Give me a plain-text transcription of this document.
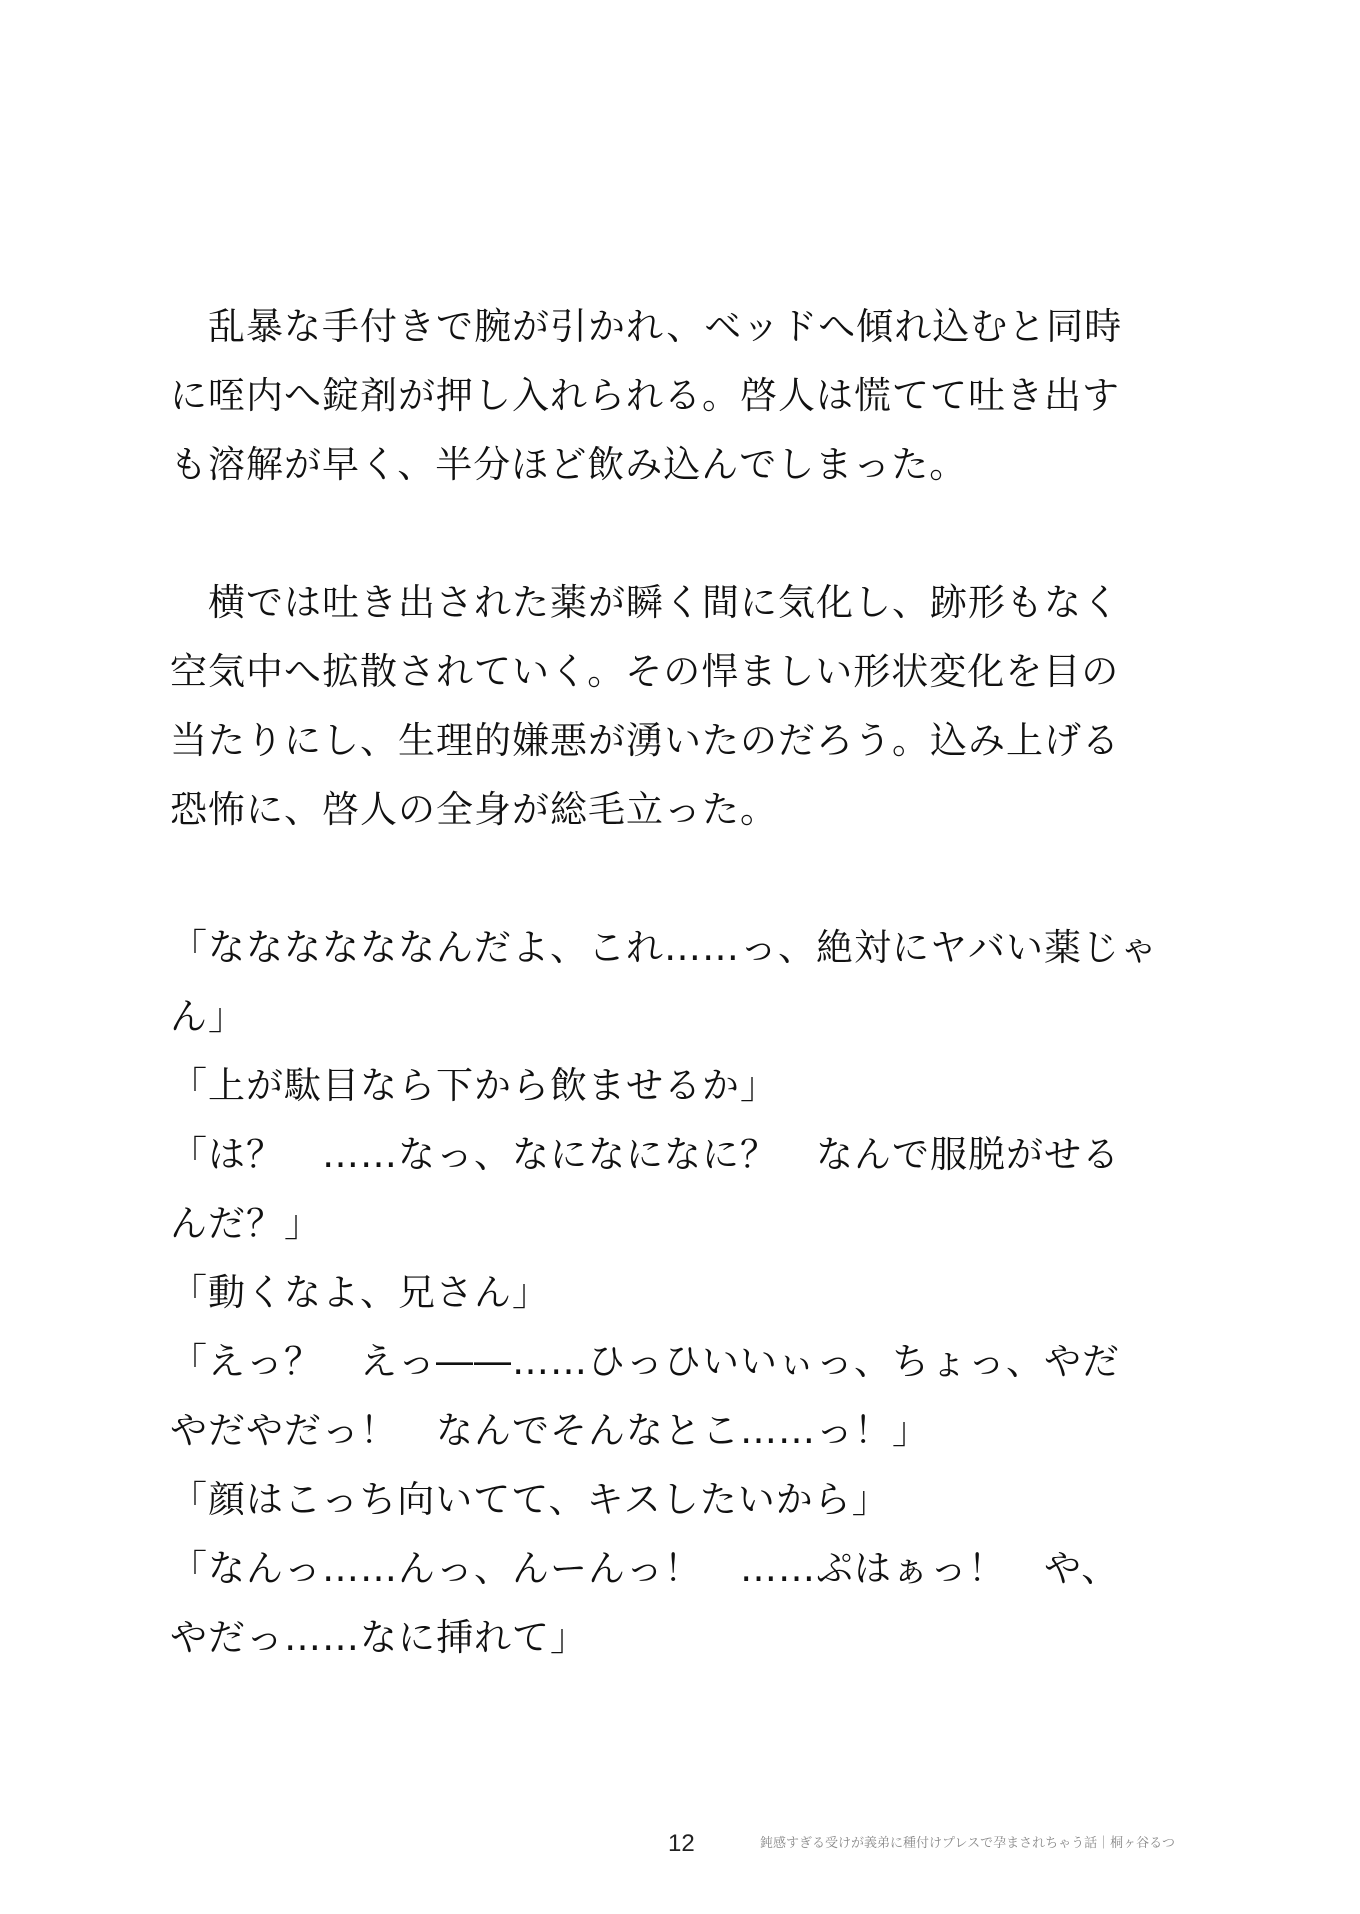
　乱暴な手付きで腕が引かれ、ベッドへ傾れ込むと同時
に咥内へ錠剤が押し入れられる。啓人は慌てて吐き出す
も溶解が早く、半分ほど飲み込んでしまった。
　横では吐き出された薬が瞬く間に気化し、跡形もなく
空気中へ拡散されていく。その悍ましい形状変化を目の
当たりにし、生理的嫌悪が湧いたのだろう。込み上げる
恐怖に、啓人の全身が総毛立った。
「ななななななんだよ、これ……っ、絶対にヤバい薬じゃ
ん」
「上が駄目なら下から飲ませるか」
「は？　……なっ、なになになに？　なんで服脱がせる
んだ？」
「動くなよ、兄さん」
「えっ？　えっ――……ひっひいいぃっ、ちょっ、やだ
やだやだっ！　なんでそんなとこ……っ！」
「顔はこっち向いてて、キスしたいから」
「なんっ……んっ、んーんっ！　……ぷはぁっ！　や、
やだっ……なに挿れて」
12	鈍感すぎる受けが義弟に種付けプレスで孕まされちゃう話｜桐ヶ谷るつ
